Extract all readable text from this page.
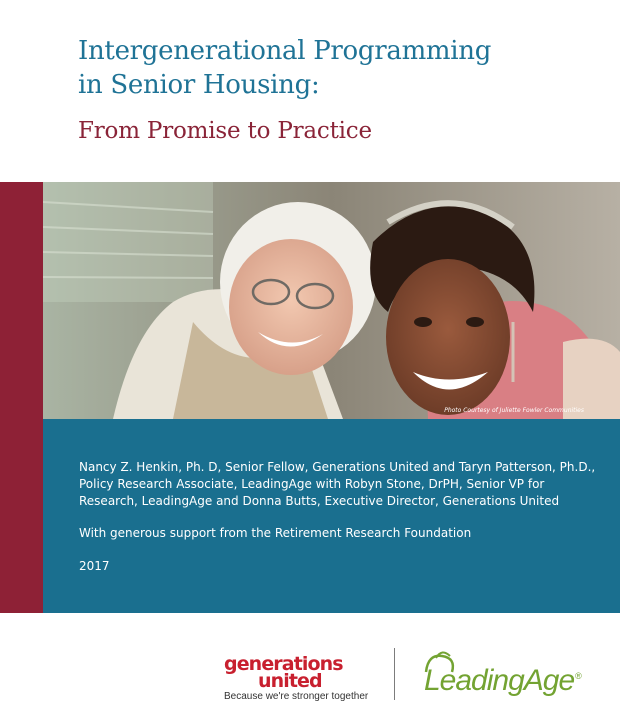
Intergenerational Programming
in Senior Housing:
From Promise to Practice
Photo Courtesy of Juliette Fowler Communities
Nancy Z. Henkin, Ph. D, Senior Fellow, Generations United and Taryn Patterson, Ph.D., Policy Research Associate, LeadingAge with Robyn Stone, DrPH, Senior VP for Research, LeadingAge and Donna Butts, Executive Director, Generations United
With generous support from the Retirement Research Foundation
2017
generations
united
Because we're stronger together LeadingAge®
